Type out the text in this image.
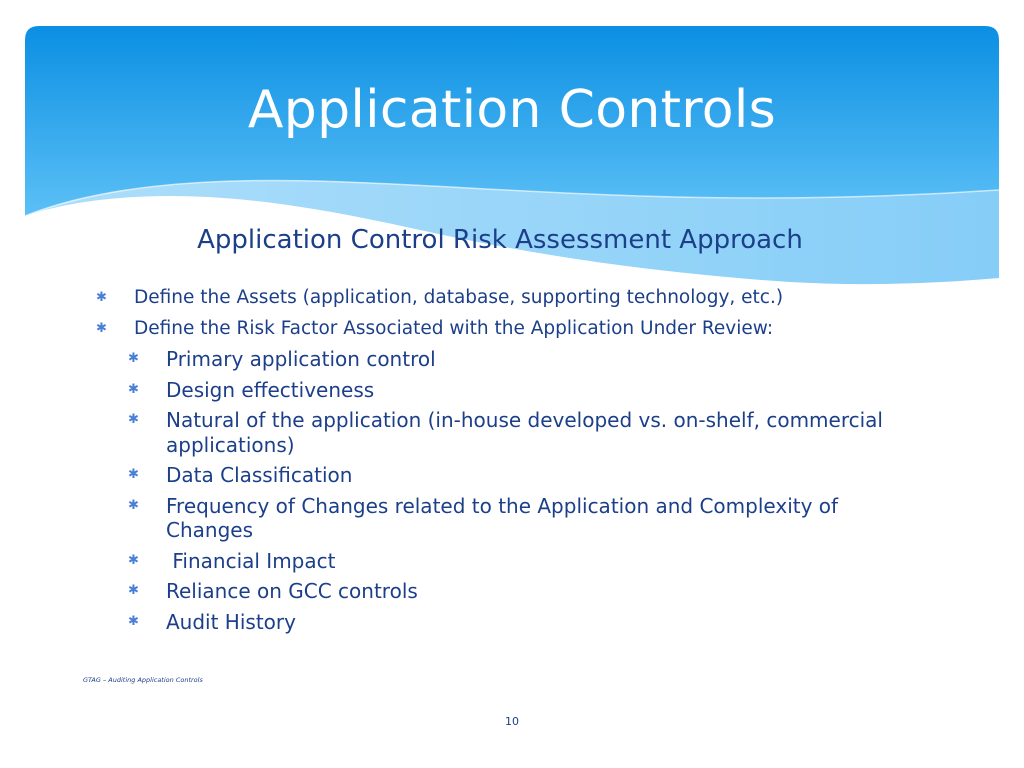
Application Controls
Application Control Risk Assessment Approach
✱ Define the Assets (application, database, supporting technology, etc.)
✱ Define the Risk Factor Associated with the Application Under Review:
✱ Primary application control
✱ Design effectiveness
✱ Natural of the application (in-house developed vs. on-shelf, commercial applications)
✱ Data Classification
✱ Frequency of Changes related to the Application and Complexity of Changes
✱ Financial Impact
✱ Reliance on GCC controls
✱ Audit History

GTAG – Auditing Application Controls

10
